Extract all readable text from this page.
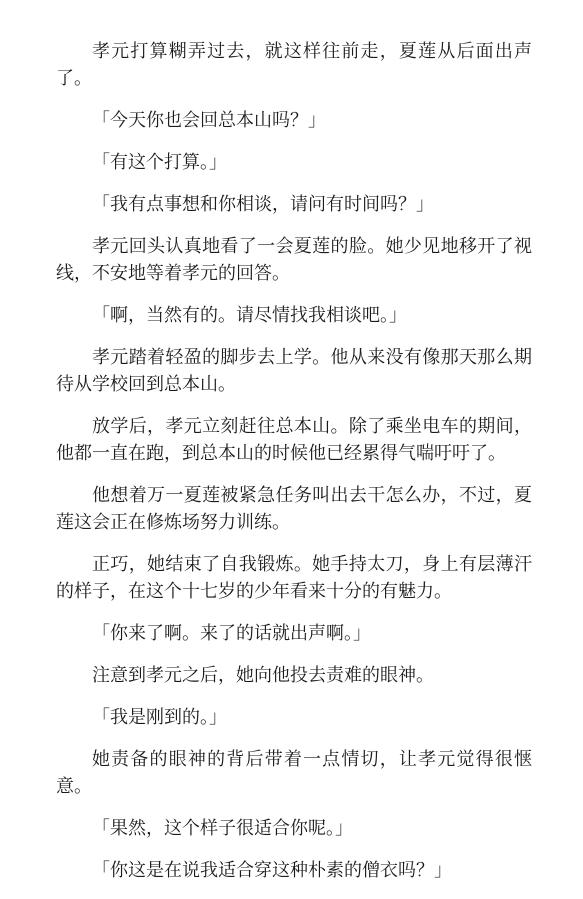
孝元打算糊弄过去，就这样往前走，夏莲从后面出声了。

「今天你也会回总本山吗？」

「有这个打算。」

「我有点事想和你相谈，请问有时间吗？」

孝元回头认真地看了一会夏莲的脸。她少见地移开了视线，不安地等着孝元的回答。

「啊，当然有的。请尽情找我相谈吧。」

孝元踏着轻盈的脚步去上学。他从来没有像那天那么期待从学校回到总本山。

放学后，孝元立刻赶往总本山。除了乘坐电车的期间，他都一直在跑，到总本山的时候他已经累得气喘吁吁了。

他想着万一夏莲被紧急任务叫出去干怎么办，不过，夏莲这会正在修炼场努力训练。

正巧，她结束了自我锻炼。她手持太刀，身上有层薄汗的样子，在这个十七岁的少年看来十分的有魅力。

「你来了啊。来了的话就出声啊。」

注意到孝元之后，她向他投去责难的眼神。

「我是刚到的。」

她责备的眼神的背后带着一点情切，让孝元觉得很惬意。

「果然，这个样子很适合你呢。」

「你这是在说我适合穿这种朴素的僧衣吗？」
